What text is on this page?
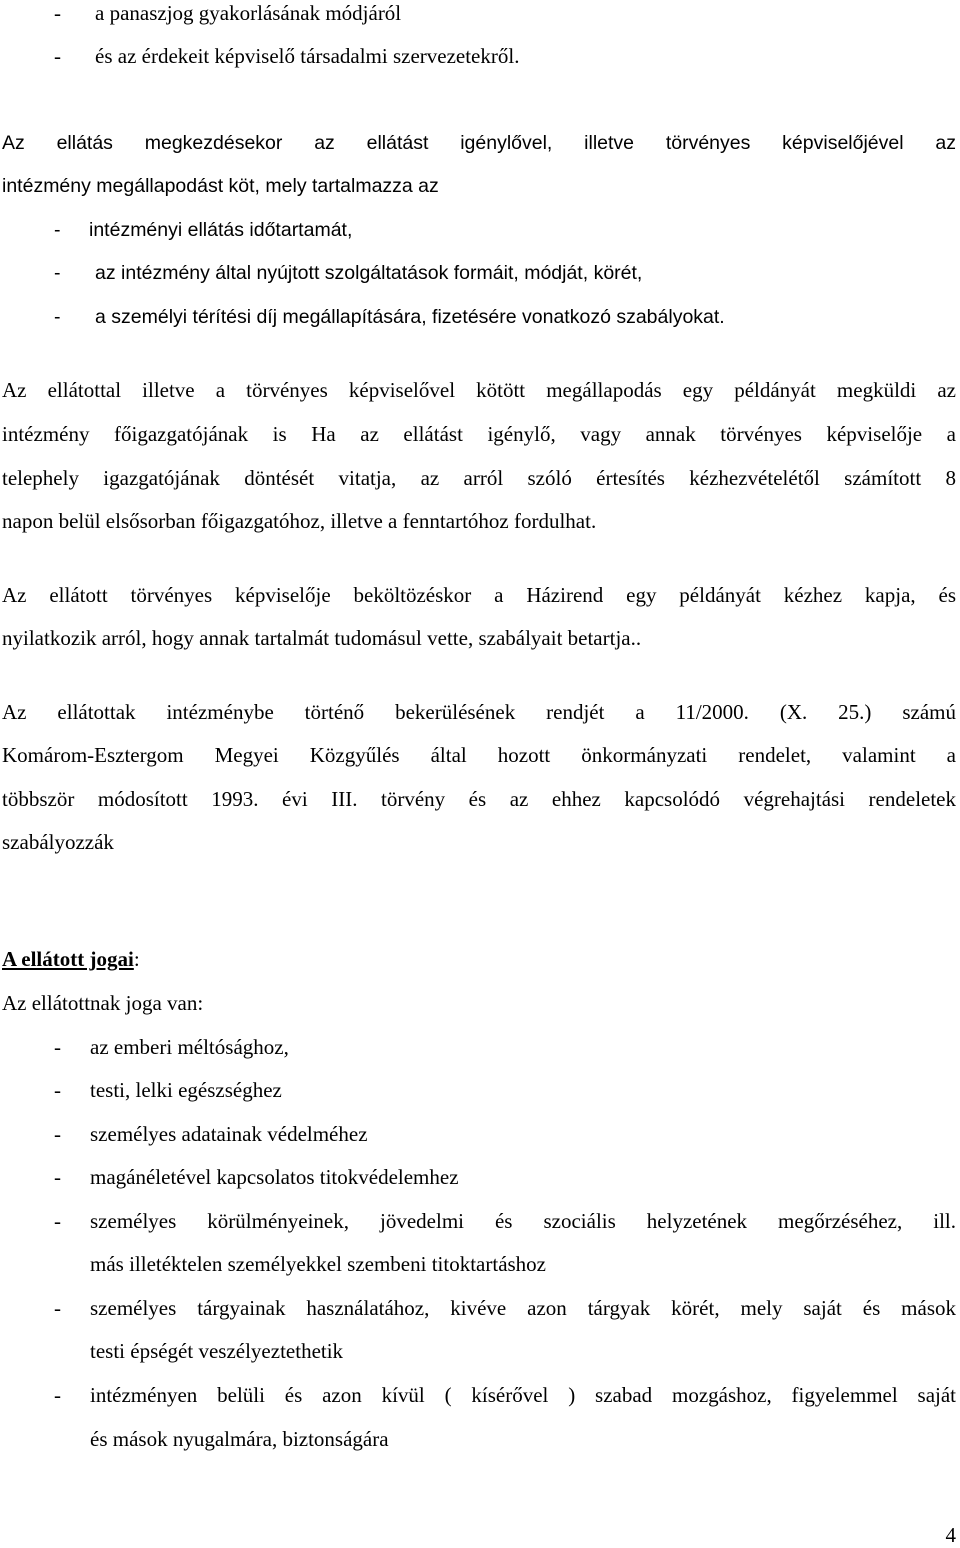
- a panaszjog gyakorlásának módjáról
- és az érdekeit képviselő társadalmi szervezetekről.
Az ellátás megkezdésekor az ellátást igénylővel, illetve törvényes képviselőjével az
intézmény megállapodást köt, mely tartalmazza az
- intézményi ellátás időtartamát,
- az intézmény által nyújtott szolgáltatások formáit, módját, körét,
- a személyi térítési díj megállapítására, fizetésére vonatkozó szabályokat.
Az ellátottal illetve a törvényes képviselővel kötött megállapodás egy példányát megküldi az
intézmény főigazgatójának is Ha az ellátást igénylő, vagy annak törvényes képviselője a
telephely igazgatójának döntését vitatja, az arról szóló értesítés kézhezvételétől számított 8
napon belül elsősorban főigazgatóhoz, illetve a fenntartóhoz fordulhat.
Az ellátott törvényes képviselője beköltözéskor a Házirend egy példányát kézhez kapja, és
nyilatkozik arról, hogy annak tartalmát tudomásul vette, szabályait betartja..
Az ellátottak intézménybe történő bekerülésének rendjét a 11/2000. (X. 25.) számú
Komárom-Esztergom Megyei Közgyűlés által hozott önkormányzati rendelet, valamint a
többször módosított 1993. évi III. törvény és az ehhez kapcsolódó végrehajtási rendeletek
szabályozzák
A ellátott jogai:
Az ellátottnak joga van:
- az emberi méltósághoz,
- testi, lelki egészséghez
- személyes adatainak védelméhez
- magánéletével kapcsolatos titokvédelemhez
- személyes körülményeinek, jövedelmi és szociális helyzetének megőrzéséhez, ill.
más illetéktelen személyekkel szembeni titoktartáshoz
- személyes tárgyainak használatához, kivéve azon tárgyak körét, mely saját és mások
testi épségét veszélyeztethetik
- intézményen belüli és azon kívül ( kísérővel ) szabad mozgáshoz, figyelemmel saját
és mások nyugalmára, biztonságára
4
